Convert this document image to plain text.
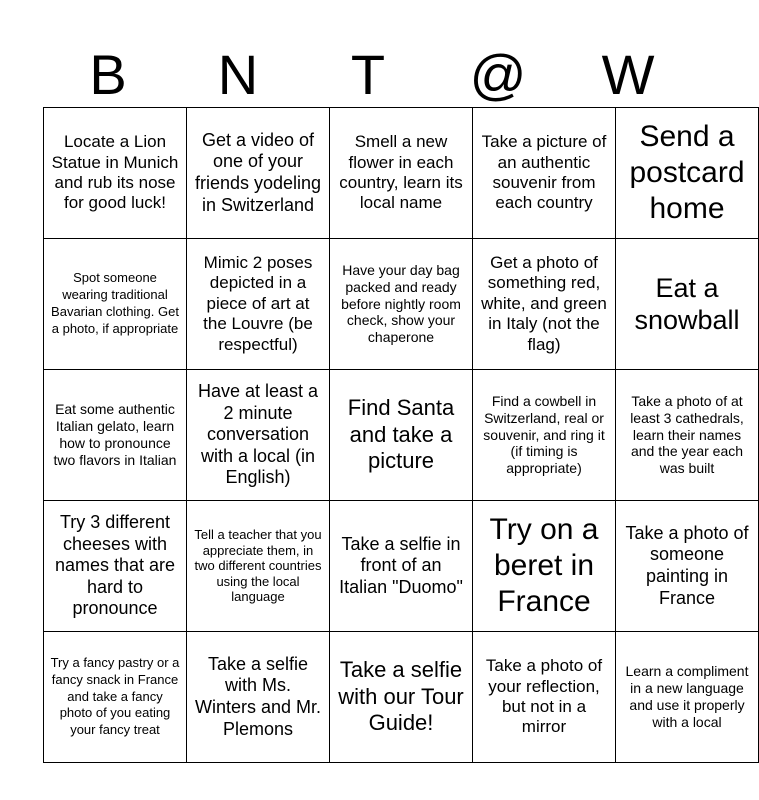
B	N	T	@	W
Locate a Lion Statue in Munich and rub its nose for good luck!	Get a video of one of your friends yodeling in Switzerland	Smell a new flower in each country, learn its local name	Take a picture of an authentic souvenir from each country	Send a postcard home
Spot someone wearing traditional Bavarian clothing. Get a photo, if appropriate	Mimic 2 poses depicted in a piece of art at the Louvre (be respectful)	Have your day bag packed and ready before nightly room check, show your chaperone	Get a photo of something red, white, and green in Italy (not the flag)	Eat a snowball
Eat some authentic Italian gelato, learn how to pronounce two flavors in Italian	Have at least a 2 minute conversation with a local (in English)	Find Santa and take a picture	Find a cowbell in Switzerland, real or souvenir, and ring it (if timing is appropriate)	Take a photo of at least 3 cathedrals, learn their names and the year each was built
Try 3 different cheeses with names that are hard to pronounce	Tell a teacher that you appreciate them, in two different countries using the local language	Take a selfie in front of an Italian "Duomo"	Try on a beret in France	Take a photo of someone painting in France
Try a fancy pastry or a fancy snack in France and take a fancy photo of you eating your fancy treat	Take a selfie with Ms. Winters and Mr. Plemons	Take a selfie with our Tour Guide!	Take a photo of your reflection, but not in a mirror	Learn a compliment in a new language and use it properly with a local
